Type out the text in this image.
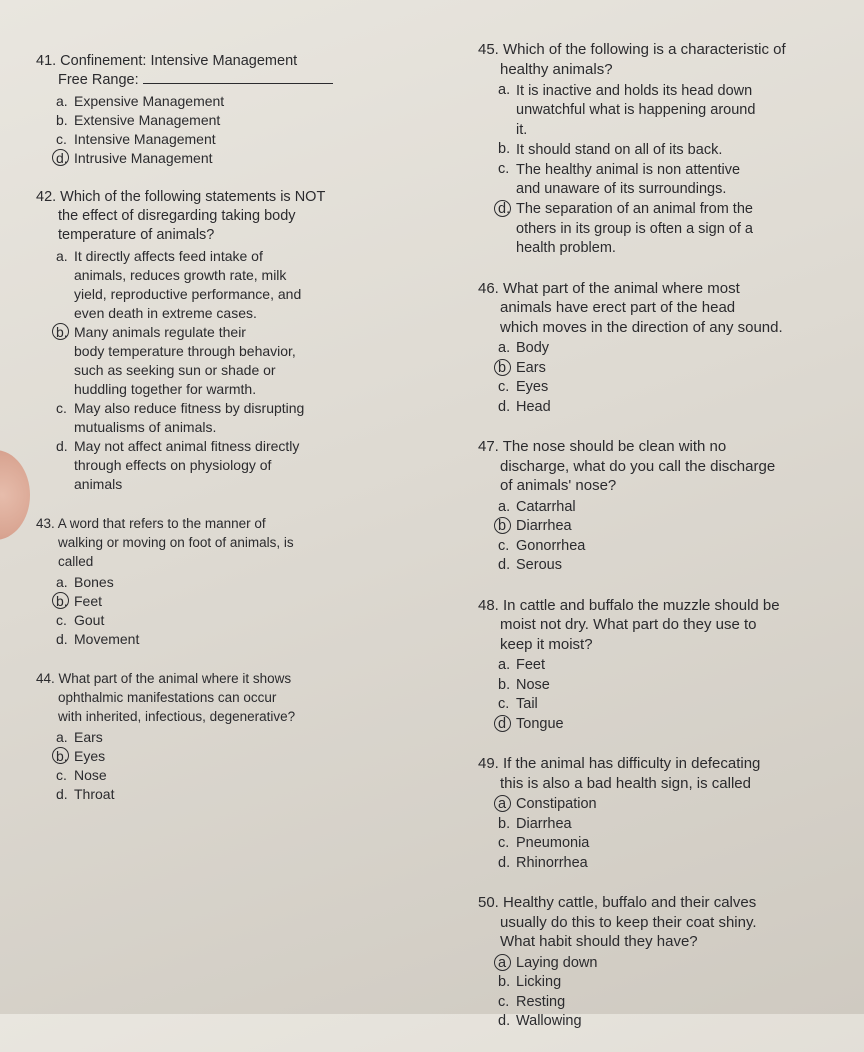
41. Confinement: Intensive Management

Free Range:

a. Expensive Management
b. Extensive Management
c. Intensive Management
d. Intrusive Management

42. Which of the following statements is NOT

the effect of disregarding taking body

temperature of animals?

a. It directly affects feed intake of
animals, reduces growth rate, milk
yield, reproductive performance, and
even death in extreme cases.
b. Many animals regulate their
body temperature through behavior,
such as seeking sun or shade or
huddling together for warmth.
c. May also reduce fitness by disrupting
mutualisms of animals.
d. May not affect animal fitness directly
through effects on physiology of
animals

43. A word that refers to the manner of

walking or moving on foot of animals, is

called

a. Bones
b. Feet
c. Gout
d. Movement

44. What part of the animal where it shows

ophthalmic manifestations can occur

with inherited, infectious, degenerative?

a. Ears
b. Eyes
c. Nose
d. Throat

45. Which of the following is a characteristic of

healthy animals?

a. It is inactive and holds its head down
unwatchful what is happening around
it.
b. It should stand on all of its back.
c. The healthy animal is non attentive
and unaware of its surroundings.
d. The separation of an animal from the
others in its group is often a sign of a
health problem.

46. What part of the animal where most

animals have erect part of the head

which moves in the direction of any sound.

a. Body
b Ears
c. Eyes
d. Head

47. The nose should be clean with no

discharge, what do you call the discharge

of animals' nose?

a. Catarrhal
b Diarrhea
c. Gonorrhea
d. Serous

48. In cattle and buffalo the muzzle should be

moist not dry. What part do they use to

keep it moist?

a. Feet
b. Nose
c. Tail
d Tongue

49. If the animal has difficulty in defecating

this is also a bad health sign, is called

a Constipation
b. Diarrhea
c. Pneumonia
d. Rhinorrhea

50. Healthy cattle, buffalo and their calves

usually do this to keep their coat shiny.

What habit should they have?

a Laying down
b. Licking
c. Resting
d. Wallowing
